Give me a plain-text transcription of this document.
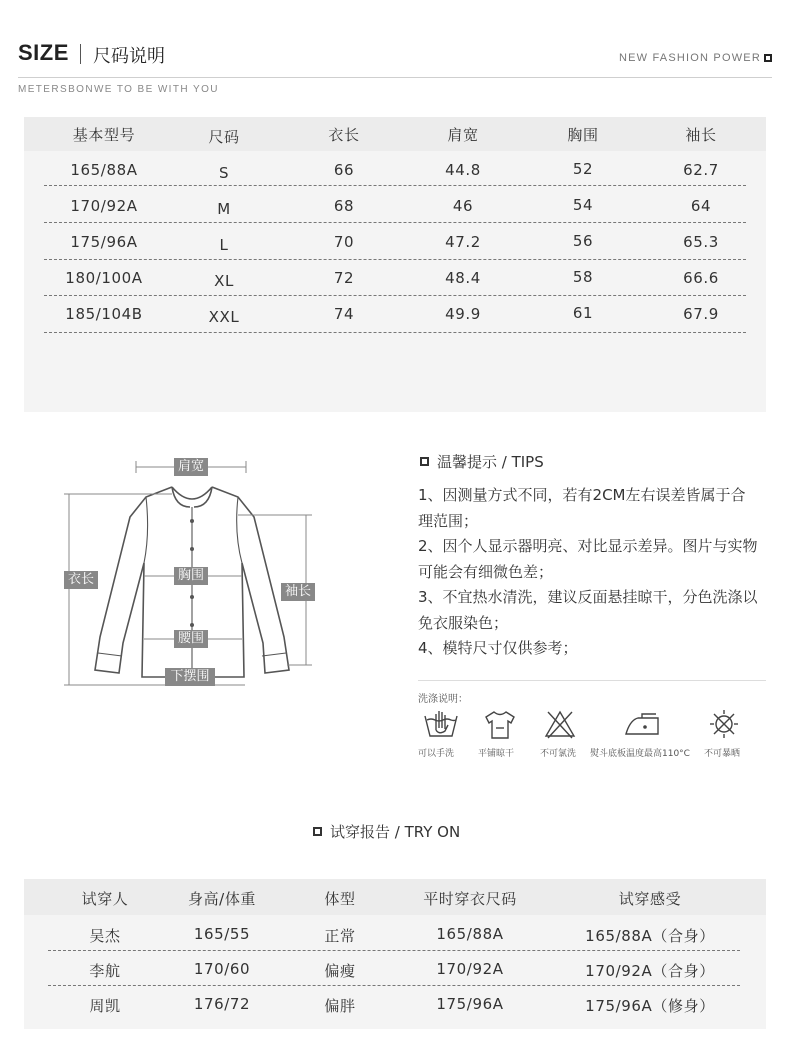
SIZE 尺码说明	NEW FASHION POWER
METERSBONWE TO BE WITH YOU
基本型号	尺码	衣长	肩宽	胸围	袖长
165/88A	S	66	44.8	52	62.7
170/92A	M	68	46	54	64
175/96A	L	70	47.2	56	65.3
180/100A	XL	72	48.4	58	66.6
185/104B	XXL	74	49.9	61	67.9
肩宽
衣长	胸围
袖长
腰围
下摆围
温馨提示 / TIPS

1、因测量方式不同，若有2CM左右误差皆属于合理范围；

2、因个人显示器明亮、对比显示差异。图片与实物可能会有细微色差；

3、不宜热水清洗，建议反面悬挂晾干，分色洗涤以免衣服染色；

4、模特尺寸仅供参考；

洗涤说明：
可以手洗	平铺晾干	不可氯洗 熨斗底板温度最高110°C 不可暴晒
试穿报告 / TRY ON
试穿人	身高/体重	体型	平时穿衣尺码	试穿感受
吴杰	165/55	正常	165/88A	165/88A（合身）
李航	170/60	偏瘦	170/92A	170/92A（合身）
周凯	176/72	偏胖	175/96A	175/96A（修身）
